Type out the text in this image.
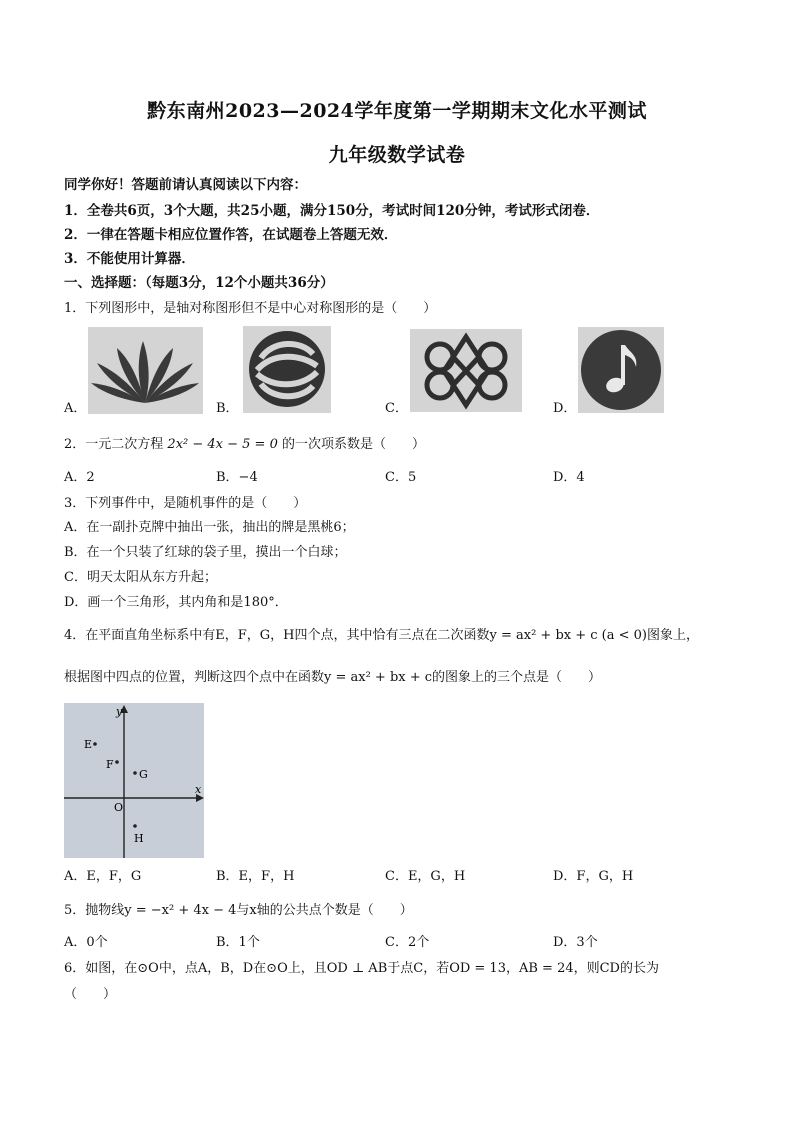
黔东南州2023—2024学年度第一学期期末文化水平测试
九年级数学试卷
同学你好！答题前请认真阅读以下内容：
1．全卷共6页，3个大题，共25小题，满分150分，考试时间120分钟，考试形式闭卷．
2．一律在答题卡相应位置作答，在试题卷上答题无效．
3．不能使用计算器．
一、选择题：（每题3分，12个小题共36分）
1．下列图形中，是轴对称图形但不是中心对称图形的是（　　）
A．	B．	C．	D．
2．一元二次方程 2x² − 4x − 5 = 0 的一次项系数是（　　）
A．2	B．−4	C．5	D．4
3．下列事件中，是随机事件的是（　　）
A．在一副扑克牌中抽出一张，抽出的牌是黑桃6；
B．在一个只装了红球的袋子里，摸出一个白球；
C．明天太阳从东方升起；
D．画一个三角形，其内角和是180°．
4．在平面直角坐标系中有E，F，G，H四个点，其中恰有三点在二次函数y = ax² + bx + c (a < 0)图象上，
根据图中四点的位置，判断这四个点中在函数y = ax² + bx + c的图象上的三个点是（　　）
x
y
O
E
F
G
H
A．E，F，G	B．E，F，H	C．E，G，H	D．F，G，H
5．抛物线y = −x² + 4x − 4与x轴的公共点个数是（　　）
A．0个	B．1个	C．2个	D．3个
6．如图，在⊙O中，点A，B，D在⊙O上，且OD ⊥ AB于点C，若OD = 13，AB = 24，则CD的长为
（　　）
